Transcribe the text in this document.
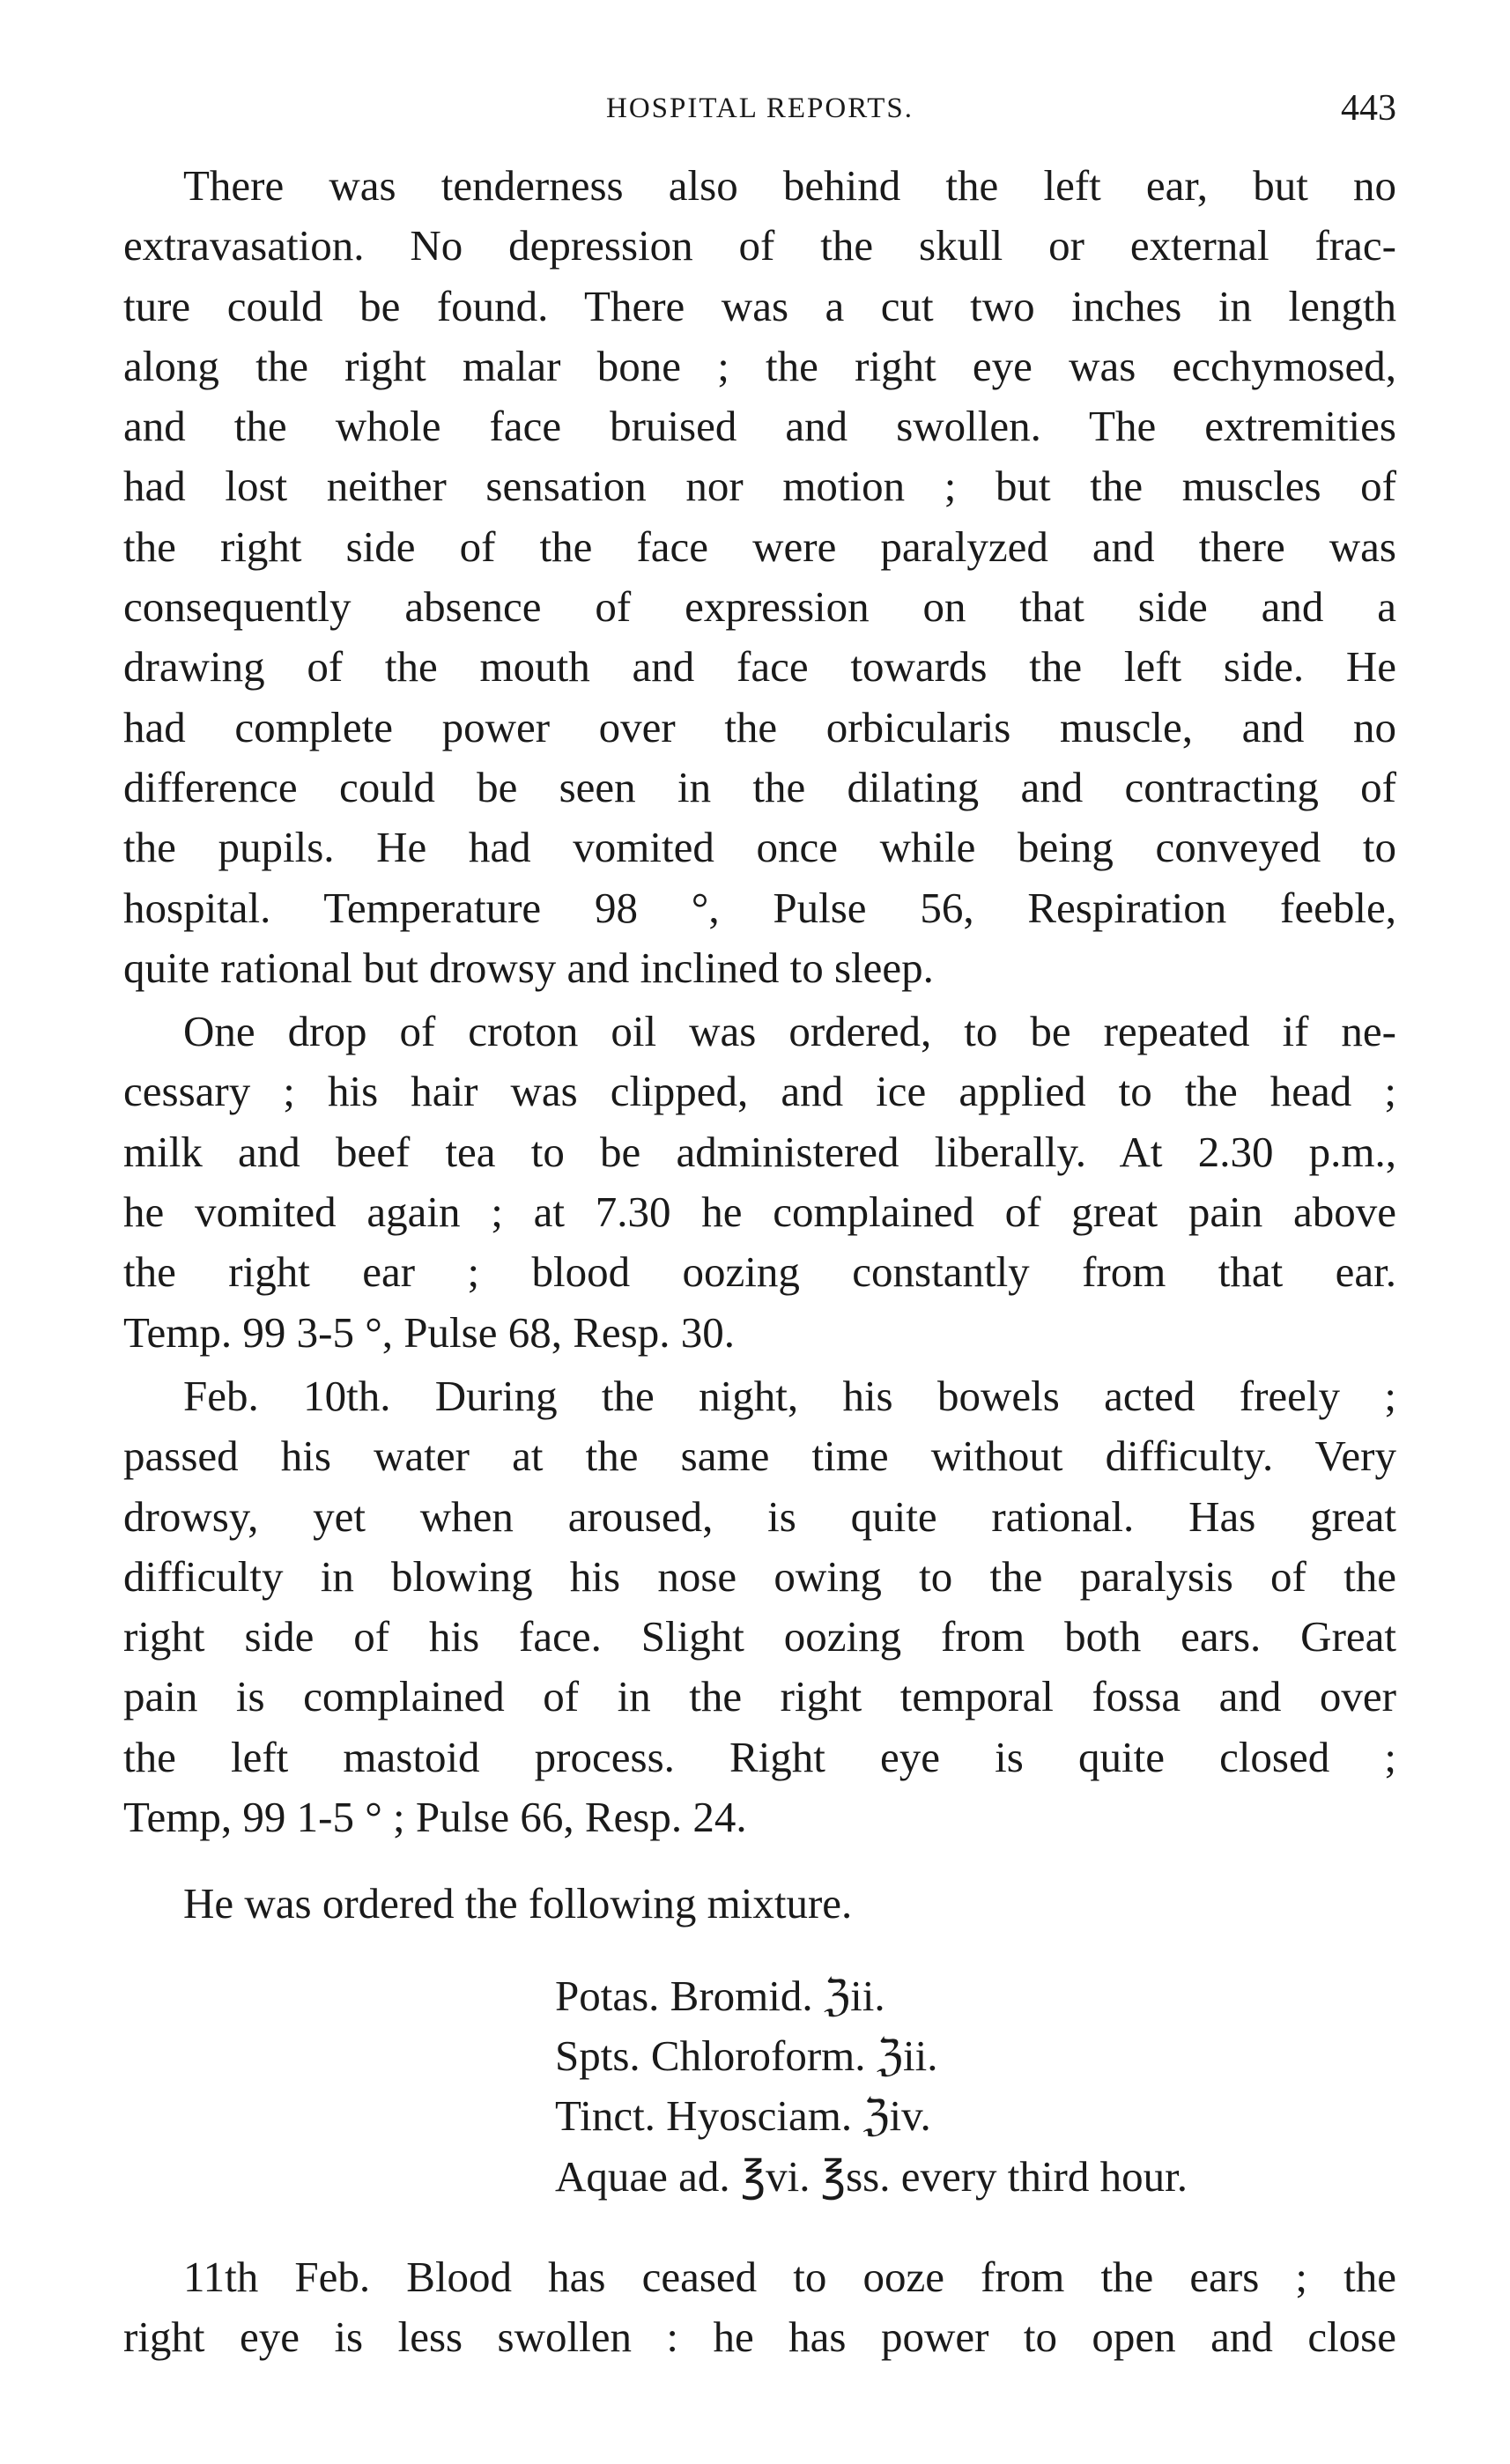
HOSPITAL REPORTS.	443
There was tenderness also behind the left ear, but no
extravasation. No depression of the skull or external frac-
ture could be found. There was a cut two inches in length
along the right malar bone ; the right eye was ecchymosed,
and the whole face bruised and swollen. The extremities
had lost neither sensation nor motion ; but the muscles of
the right side of the face were paralyzed and there was
consequently absence of expression on that side and a
drawing of the mouth and face towards the left side. He
had complete power over the orbicularis muscle, and no
difference could be seen in the dilating and contracting of
the pupils. He had vomited once while being conveyed to
hospital. Temperature 98 °, Pulse 56, Respiration feeble,
quite rational but drowsy and inclined to sleep.
One drop of croton oil was ordered, to be repeated if ne-
cessary ; his hair was clipped, and ice applied to the head ;
milk and beef tea to be administered liberally. At 2.30 p.m.,
he vomited again ; at 7.30 he complained of great pain above
the right ear ; blood oozing constantly from that ear.
Temp. 99 3-5 °, Pulse 68, Resp. 30.
Feb. 10th. During the night, his bowels acted freely ;
passed his water at the same time without difficulty. Very
drowsy, yet when aroused, is quite rational. Has great
difficulty in blowing his nose owing to the paralysis of the
right side of his face. Slight oozing from both ears. Great
pain is complained of in the right temporal fossa and over
the left mastoid process. Right eye is quite closed ;
Temp, 99 1-5 ° ; Pulse 66, Resp. 24.
He was ordered the following mixture.
Potas. Bromid. ℨii.
Spts. Chloroform. ℨii.
Tinct. Hyosciam. ℨiv.
Aquae ad. ℥vi. ℥ss. every third hour.
11th Feb. Blood has ceased to ooze from the ears ; the
right eye is less swollen : he has power to open and close
